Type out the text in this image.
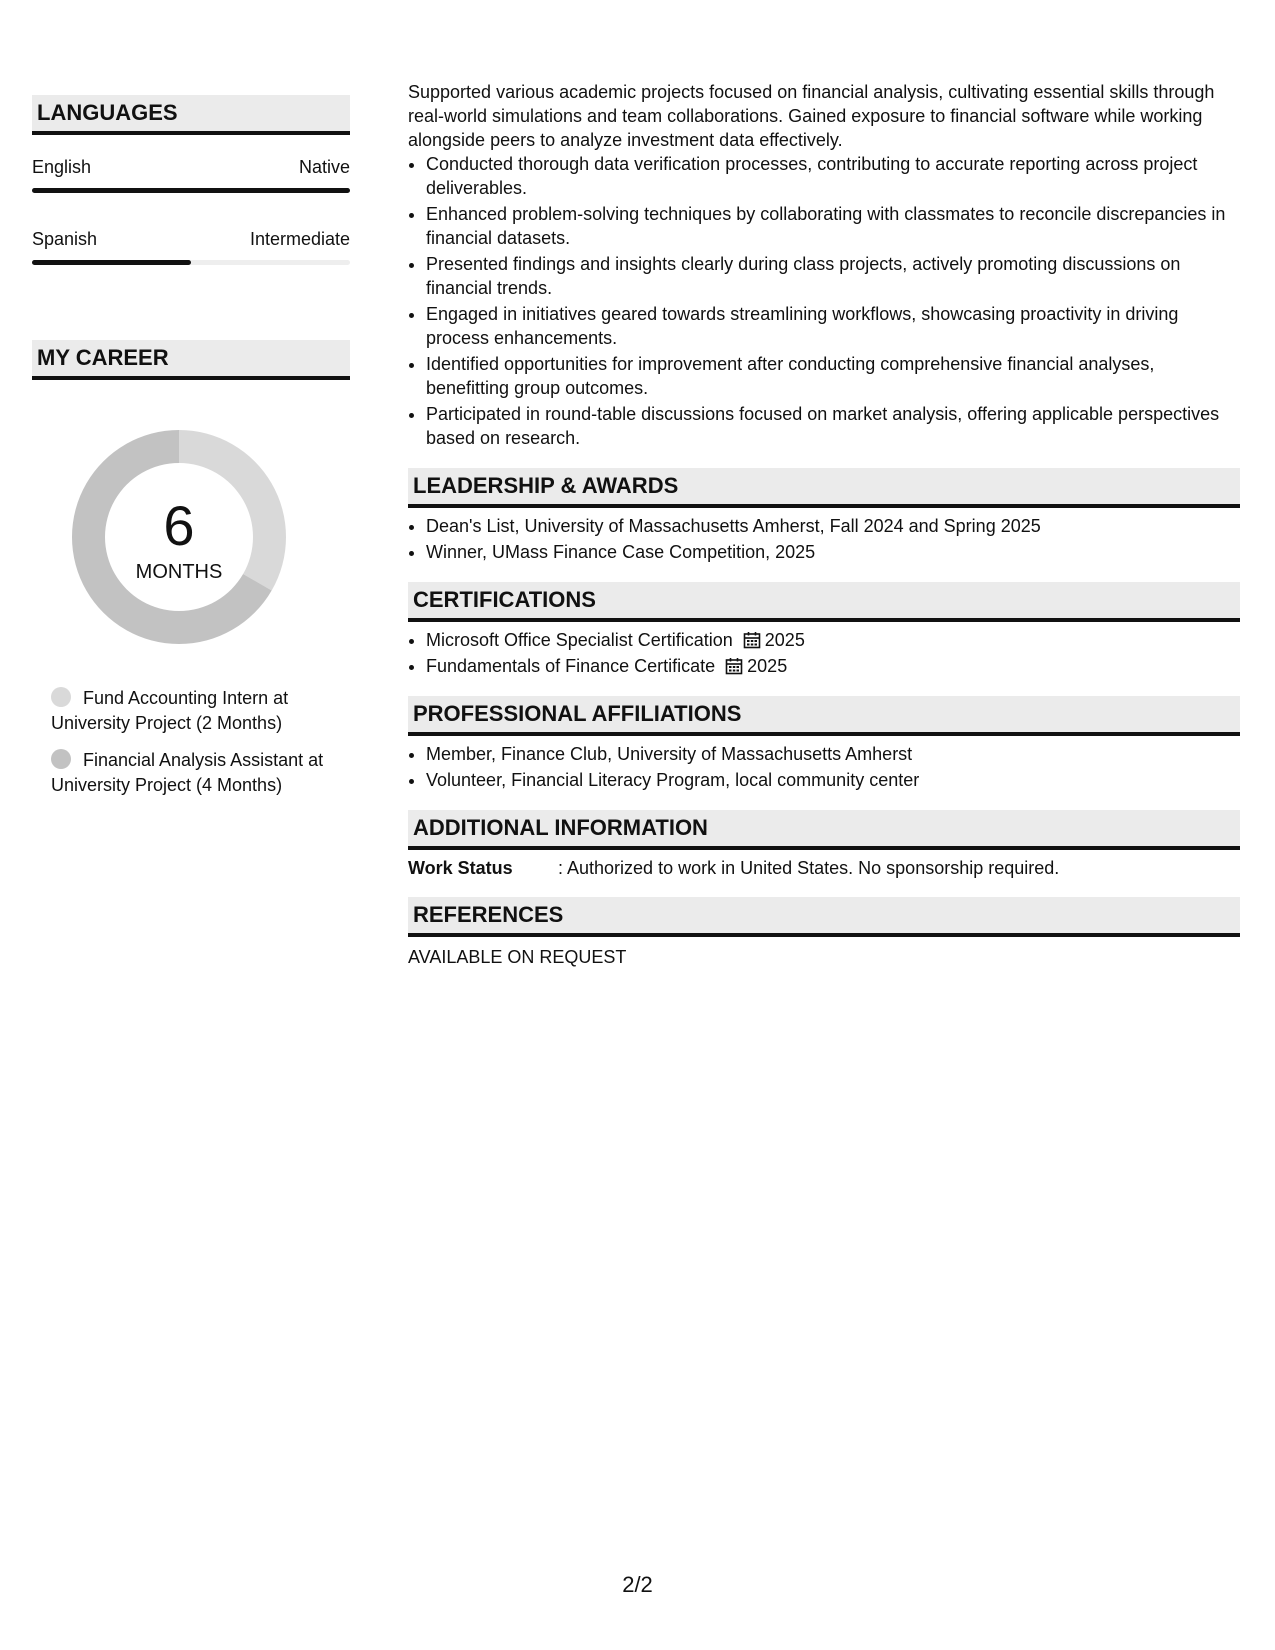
LANGUAGES
English	Native
Spanish	Intermediate
MY CAREER
6
MONTHS
Fund Accounting Intern at University Project (2 Months)
Financial Analysis Assistant at University Project (4 Months)

Supported various academic projects focused on financial analysis, cultivating essential skills through real-world simulations and team collaborations. Gained exposure to financial software while working alongside peers to analyze investment data effectively.

• Conducted thorough data verification processes, contributing to accurate reporting across project deliverables.
• Enhanced problem-solving techniques by collaborating with classmates to reconcile discrepancies in financial datasets.
• Presented findings and insights clearly during class projects, actively promoting discussions on financial trends.
• Engaged in initiatives geared towards streamlining workflows, showcasing proactivity in driving process enhancements.
• Identified opportunities for improvement after conducting comprehensive financial analyses, benefitting group outcomes.
• Participated in round-table discussions focused on market analysis, offering applicable perspectives based on research.
LEADERSHIP & AWARDS
• Dean's List, University of Massachusetts Amherst, Fall 2024 and Spring 2025
• Winner, UMass Finance Case Competition, 2025
CERTIFICATIONS
• Microsoft Office Specialist Certification 2025
• Fundamentals of Finance Certificate 2025
PROFESSIONAL AFFILIATIONS
• Member, Finance Club, University of Massachusetts Amherst
• Volunteer, Financial Literacy Program, local community center
ADDITIONAL INFORMATION
Work Status	: Authorized to work in United States. No sponsorship required.
REFERENCES
AVAILABLE ON REQUEST
2/2
